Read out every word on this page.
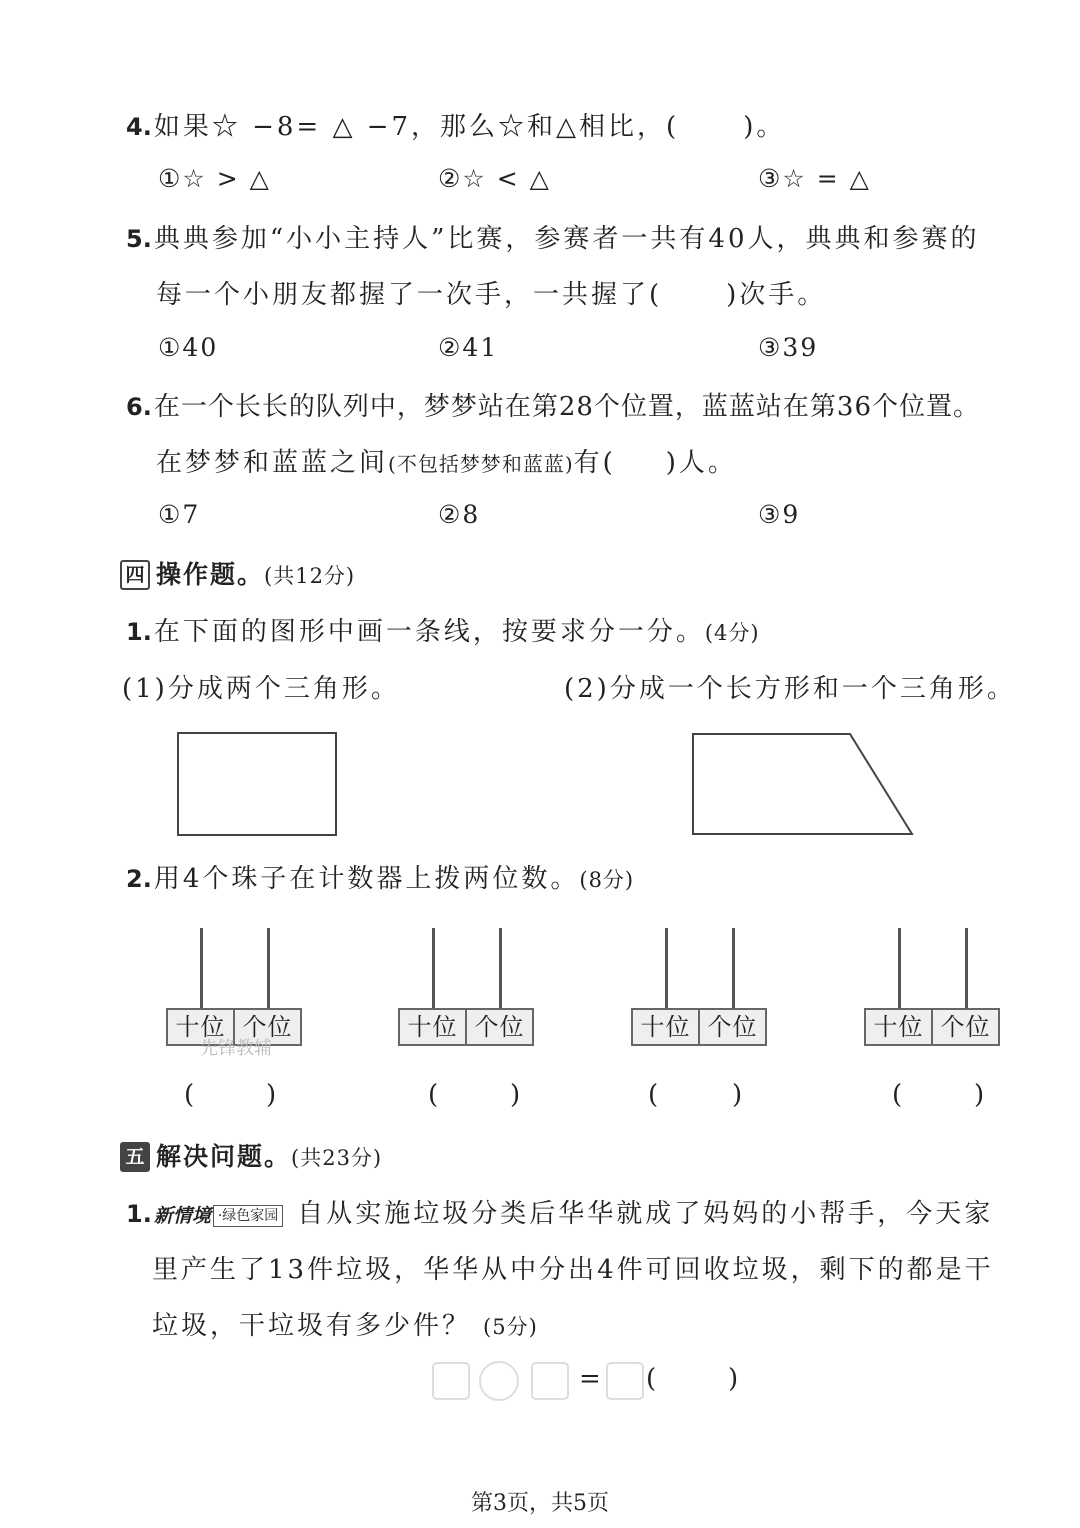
4.如果☆ −8= △ −7，那么☆和△相比，( )。
①☆ > △	②☆ < △	③☆ = △
5.典典参加“小小主持人”比赛，参赛者一共有40人，典典和参赛的
每一个小朋友都握了一次手，一共握了( )次手。
①40	②41	③39
6.在一个长长的队列中，梦梦站在第28个位置，蓝蓝站在第36个位置。
在梦梦和蓝蓝之间(不包括梦梦和蓝蓝)有( )人。
①7	②8	③9
四 操作题。(共12分)
1.在下面的图形中画一条线，按要求分一分。(4分)
(1)分成两个三角形。	(2)分成一个长方形和一个三角形。
2.用4个珠子在计数器上拨两位数。(8分)
十位 个位	十位 个位	十位 个位	十位 个位
先锋教辅
(	)	(	)	(	)	(	)
五 解决问题。(共23分)
1. 新情境 ·绿色家园 自从实施垃圾分类后华华就成了妈妈的小帮手，今天家
里产生了13件垃圾，华华从中分出4件可回收垃圾，剩下的都是干
垃圾，干垃圾有多少件？ (5分)
= (	)
第3页，共5页
